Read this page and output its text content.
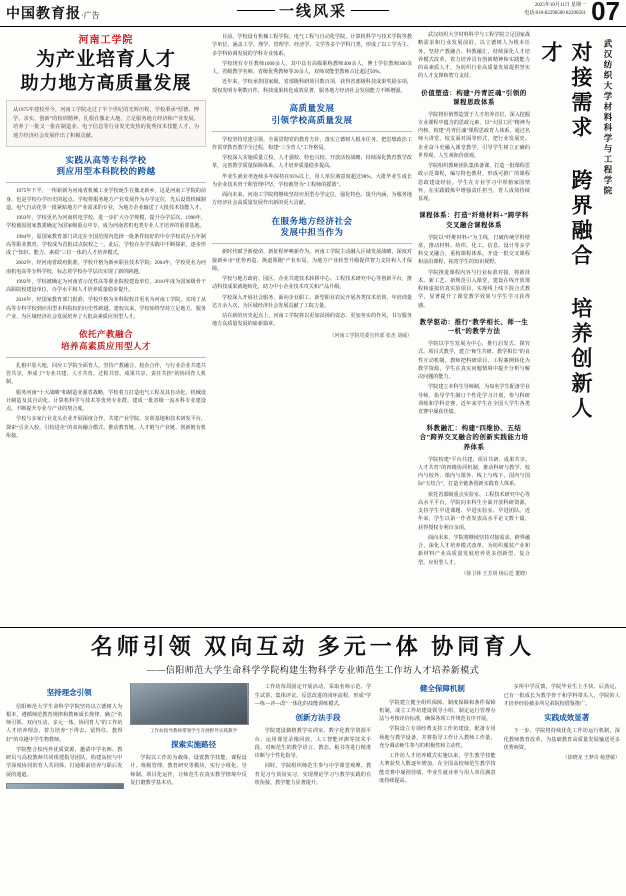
中国教育报·广告	一线风采	2025年10月11日 星期一
电话:010-82296500 82296561 07
河南工学院
为产业培育人才
助力地方高质量发展
从1975年建校至今，河南工学院走过了半个世纪的光辉历程，学校秉承“厚德、博学、求实、创新”的校训精神，扎根在豫北大地，立足服务地方经济和产业发展，培养了一批又一批在制造业、电子信息等行业发光发热的优秀技术技能人才，为地方经济社会发展作出了积极贡献。
实践从高等专科学校
到应用型本科院校的跨越

1975年下半，一所崭新为河南省机械工业学校诞生在豫北新乡，这是河南工学院的前身，也是学校办学历史的起点。学校将服务地方产业发展作为办学定位，先后设置机械制造、电气自动化等一批紧贴地方产业需求的专业，为地方企业输送了大批技术技能人才。

1993年，学校更名为河南机电学校，进一步扩大办学规模，提升办学层次。1998年，学校被原国家教委确定为国家级重点中专，成为河南省机电类专业人才培养的重要基地。

1984年，原国家教育部门决定在全国范围内选择一批条件较好的中专学校试办五年制高等职业教育，学校成为首批试点院校之一。此后，学校在办学实践中不断探索，逐步形成了“知识、能力、素质”三位一体的人才培养模式。

2002年，经河南省政府批准，学校升格为新乡职业技术学院；2004年，学校更名为河南机电高等专科学校，标志着学校办学层次实现了新的跨越。

1992年，学校被确定为河南省示范性高等职业院校建设单位，2010年成为国家级骨干高职院校建设单位，办学水平和人才培养质量稳步提升。

2016年，经国家教育部门批准，学校升格为本科院校并更名为河南工学院，实现了从高等专科学校到应用型本科院校的历史性跨越。建校以来，学校始终坚持立足地方、服务产业，为区域经济社会发展培养了大批高素质应用型人才。

依托产教融合
培养高素质应用型人才

扎根中原大地，回应工学院全面育人，坚持产教融合、校企合作，与行业企业共建共管共享，形成了“专业共建、人才共育、过程共管、成果共享、责任共担”的协同育人机制。

服务河南“十大战略”和制造业强省战略，学校着力打造电气工程及其自动化、机械设计制造及其自动化、计算机科学与技术等优势专业群，建成一批省级一流本科专业建设点，不断提升专业与产业的契合度。

学校与多家行业龙头企业开展深度合作，共建产业学院、实训基地和技术研发平台，探索“引企入校、引校进企”的双向融合模式，推动教育链、人才链与产业链、创新链有机衔接。

目前，学校设有机械工程学院、电气工程与自动化学院、计算机科学与技术学院等教学单位，涵盖工学、理学、管理学、经济学、文学等多个学科门类，形成了以工学为主、多学科协调发展的学科专业体系。

学校现有专任教师1000余人，其中具有高级职称教师400余人，博士学位教师300余人，省级教学名师、省级优秀教师等20余人，双师双能型教师占比超过50%。

近年来，学校承担国家级、省部级科研项目数百项，获得省部级科技成果奖励多项，授权发明专利数百件，科技成果转化成效显著，服务地方经济社会发展能力不断增强。

高质量发展
引领学校高质量发展

学校坚持党建引领，全面贯彻党的教育方针，落实立德树人根本任务，把思想政治工作贯穿教育教学全过程，构建“三全育人”工作格局。

学校深入实施质量立校、人才强校、特色兴校、开放活校战略，持续深化教育教学改革，完善教学质量保障体系，人才培养质量稳步提高。

毕业生就业率连续多年保持在95%以上，用人单位满意度超过98%，大批毕业生成长为企业技术骨干和管理中坚，学校被誉为“工程师的摇篮”。

面向未来，河南工学院将继续坚持应用型办学定位，强化特色、提升内涵，为服务地方经济社会高质量发展作出新的更大贡献。

在服务地方经济社会
发展中担当作为

新时代赋予新使命，新征程呼唤新作为。河南工学院主动融入区域发展战略，深度对接新乡市“优势再造、换道领跑”产业布局，为地方产业转型升级提供智力支持和人才保障。

学校与地方政府、园区、企业共建技术转移中心、工程技术研究中心等创新平台，推动科技成果就地转化，助力中小企业技术攻关和产品升级。

学校深入开展社会服务，面向企业职工、新型职业农民开展各类技术培训，年培训量达万余人次，为区域经济社会发展贡献了工院力量。

站在新的历史起点上，河南工学院将以更加昂扬的姿态、更加务实的作风，书写服务地方高质量发展的崭新篇章。

（河南工学院党委宣传部 张杰 刘威）

武汉纺织大学材料科学与工程学院立足国家战略需求和行业发展前沿，以立德树人为根本任务，坚持产教融合、科教融汇，持续深化人才培养模式改革，着力培养具有创新精神和实践能力的高素质人才，为纺织行业高质量发展提供坚实的人才支撑和智力支持。

价值塑造：构建“丹青匠魂”引领的课程思政体系

学院将价值塑造置于人才培养首位，深入挖掘专业课程中蕴含的思政元素，以“大国工匠”精神为内核，构建“丹青匠魂”课程思政育人体系。通过名师大讲堂、校友面对面等形式，把行业发展史、企业奋斗史融入课堂教学，引导学生树立正确的世界观、人生观和价值观。

学院组织教师团队集体备课，打造一批课程思政示范课程，编写特色教材，形成可推广的课程思政建设经验。学生在专业学习中厚植家国情怀，在实践锻炼中增强责任担当，育人成效持续显现。

课程体系：打造“纤维材料+”跨学科交叉融合课程体系

学院以“纤维材料+”为主线，打破传统学科壁垒，推动材料、纺织、化工、信息、设计等多学科交叉融合，重构课程体系，开设一批交叉课程和前沿课程，拓宽学生的知识视野。

学院推进课程内容与行业标准对接，将新技术、新工艺、新规范引入课堂，建设在线开放课程和虚拟仿真实验项目，实现线上线下混合式教学，显著提升了课堂教学效果与学生学习获得感。

教学驱动：推行“教学相长、师一生一机”的教学方法

学院以学生发展为中心，推行启发式、探究式、项目式教学，建立“师生共研、教学相长”的良性互动机制。教师把科研项目、工程案例转化为教学资源，学生在真实问题情境中提升分析与解决问题的能力。

学院建立本科生导师制，为每名学生配备学业导师，指导学生制订个性化学习计划，参与科研训练和学科竞赛，近年来学生在全国大学生各类竞赛中屡获佳绩。

科教融汇：构建“四维协、五结合”跨界交叉融合的创新实践能力培养体系

学院构建“平台共建、项目共研、成果共享、人才共育”的四维协同机制，推动科研与教学、校内与校外、课内与课外、线上与线下、国内与国际“五结合”，打造全链条创新实践育人体系。

依托省部级重点实验室、工程技术研究中心等高水平平台，学院向本科生全面开放科研资源，支持学生早进课题、早进实验室、早进团队。近年来，学生以第一作者发表高水平论文数十篇，获得授权专利百余项。

面向未来，学院将继续坚持对接需求、跨界融合，深化人才培养模式改革，为纺织服装产业和新材料产业高质量发展培养更多创新型、复合型、应用型人才。

（徐卫林 王芳妍 杨后廷 董晓）
对接需求 跨界融合 培养创新人才	武汉纺织大学材料科学与工程学院
名师引领 双向互动 多元一体 协同育人
——信阳师范大学生命科学学院构建生物科学专业师范生工作坊人才培养新模式
坚持理念引领

信阳师范大学生命科学学院坚持以立德树人为根本，遵循师范教育规律和教师成长规律，确立“名师引领、双向互动、多元一体、协同育人”的工作坊人才培养理念，着力培养“下得去、留得住、教得好”的卓越中学生物教师。

学院整合校内外优质资源，邀请中学名师、教研员与高校教师共同组建指导团队，构建高校与中学深度协同的育人共同体，打通职前培养与职后发展的通道。

工作坊指导教师带领学生开展野外实践教学
探索实施路径

学院以工作坊为载体，设置教学技能、课程设计、班级管理、教育研究等模块，实行小班化、导师制、项目化运作，让师范生在真实教学情境中反复打磨教学基本功。

工作坊每周固定开展活动，采取名师示范、学生试讲、集体评议、反思改进的闭环流程，形成“学—练—评—改”一体化的技能训练模式。

创新方法手段

学院建设微格教学实训室、数字化教学资源平台，运用课堂录像回放、人工智能评测等技术手段，对师范生的教学语言、教态、板书等进行精准诊断与个性化指导。

同时，学院组织师范生参与中学课堂观摩、教育见习与顶岗实习，实现理论学习与教学实践的有机衔接，教学能力显著提升。

健全保障机制

学院建立健全组织保障、制度保障和条件保障机制，成立工作坊建设领导小组，制定运行管理办法与考核评价标准，确保各项工作规范有序开展。

学院设立专项经费支持工作坊建设，配备专用场地与教学设备，并将指导工作计入教师工作量，充分调动师生参与的积极性和主动性。

工作坊人才培养模式实施以来，学生教学技能大赛获奖人数逐年增加，在全国高校师范生教学技能竞赛中屡创佳绩，毕业生就业率与用人单位满意度持续提高。

多所中学反馈，学院毕业生上手快、后劲足，已有一批成长为教学骨干和学科带头人，学院的人才培养经验被多所兄弟院校借鉴推广。

实践成效显著

下一步，学院将持续优化工作坊运行机制，深化教师教育改革，为基础教育高质量发展输送更多优秀师资。

（徐晓龙 王梦奇 杨慧敏）
